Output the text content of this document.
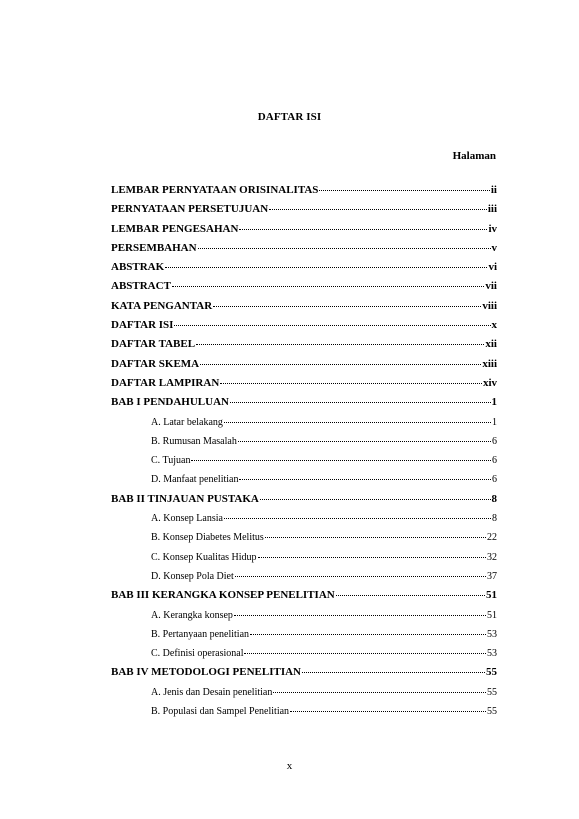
DAFTAR ISI
Halaman
LEMBAR PERNYATAAN ORISINALITAS	ii
PERNYATAAN PERSETUJUAN	iii
LEMBAR PENGESAHAN	iv
PERSEMBAHAN	v
ABSTRAK	vi
ABSTRACT	vii
KATA PENGANTAR	viii
DAFTAR ISI	x
DAFTAR TABEL	xii
DAFTAR SKEMA	xiii
DAFTAR LAMPIRAN	xiv
BAB I PENDAHULUAN	1
A. Latar belakang	1
B. Rumusan Masalah	6
C. Tujuan	6
D. Manfaat penelitian	6
BAB II TINJAUAN PUSTAKA	8
A. Konsep Lansia	8
B. Konsep Diabetes Melitus	22
C. Konsep Kualitas Hidup	32
D. Konsep Pola Diet	37
BAB III KERANGKA KONSEP PENELITIAN	51
A. Kerangka konsep	51
B. Pertanyaan penelitian	53
C. Definisi operasional	53
BAB IV METODOLOGI PENELITIAN	55
A. Jenis dan Desain penelitian	55
B. Populasi dan Sampel Penelitian	55
x
